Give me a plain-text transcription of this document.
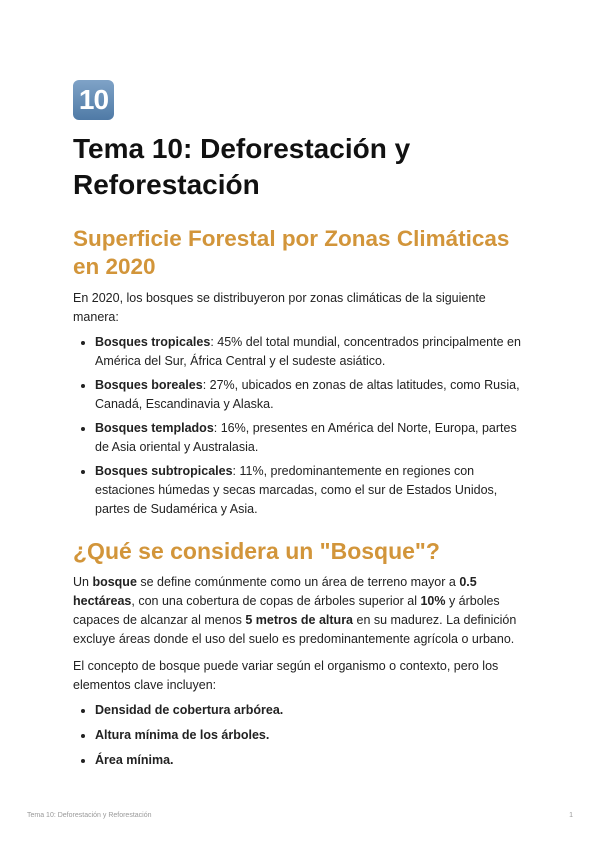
10
Tema 10: Deforestación y Reforestación
Superficie Forestal por Zonas Climáticas en 2020

En 2020, los bosques se distribuyeron por zonas climáticas de la siguiente manera:

• Bosques tropicales: 45% del total mundial, concentrados principalmente en América del Sur, África Central y el sudeste asiático.
• Bosques boreales: 27%, ubicados en zonas de altas latitudes, como Rusia, Canadá, Escandinavia y Alaska.
• Bosques templados: 16%, presentes en América del Norte, Europa, partes de Asia oriental y Australasia.
• Bosques subtropicales: 11%, predominantemente en regiones con estaciones húmedas y secas marcadas, como el sur de Estados Unidos, partes de Sudamérica y Asia.
¿Qué se considera un "Bosque"?

Un bosque se define comúnmente como un área de terreno mayor a 0.5 hectáreas, con una cobertura de copas de árboles superior al 10% y árboles capaces de alcanzar al menos 5 metros de altura en su madurez. La definición excluye áreas donde el uso del suelo es predominantemente agrícola o urbano.

El concepto de bosque puede variar según el organismo o contexto, pero los elementos clave incluyen:

• Densidad de cobertura arbórea.
• Altura mínima de los árboles.
• Área mínima.
Tema 10: Deforestación y Reforestación	1
